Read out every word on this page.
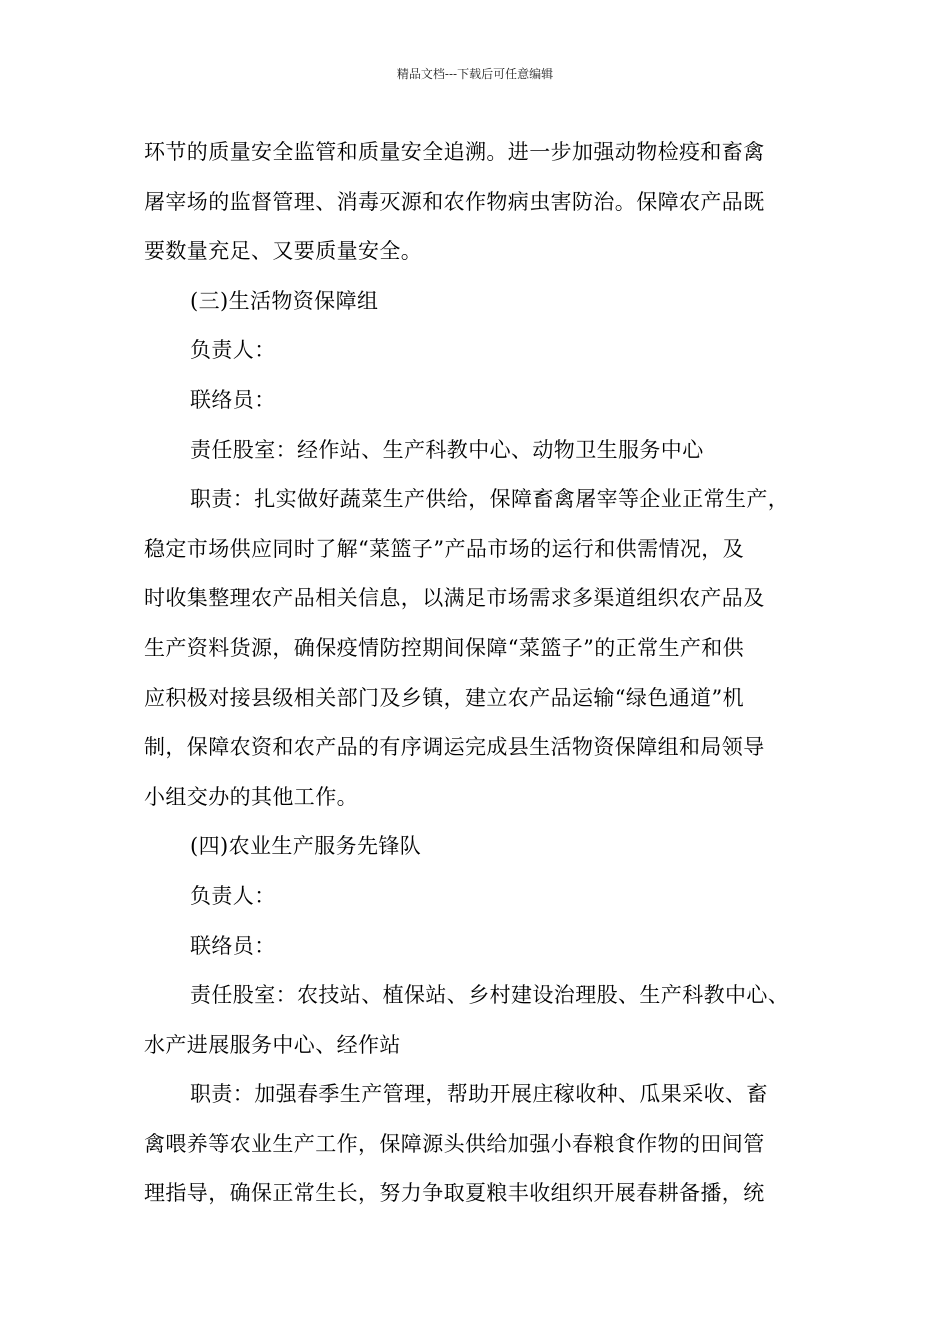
精品文档---下载后可任意编辑
环节的质量安全监管和质量安全追溯。进一步加强动物检疫和畜禽
屠宰场的监督管理、消毒灭源和农作物病虫害防治。保障农产品既
要数量充足、又要质量安全。
(三)生活物资保障组
负责人：
联络员：
责任股室：经作站、生产科教中心、动物卫生服务中心
职责：扎实做好蔬菜生产供给，保障畜禽屠宰等企业正常生产，
稳定市场供应同时了解“菜篮子”产品市场的运行和供需情况，及
时收集整理农产品相关信息，以满足市场需求多渠道组织农产品及
生产资料货源，确保疫情防控期间保障“菜篮子”的正常生产和供
应积极对接县级相关部门及乡镇，建立农产品运输“绿色通道”机
制，保障农资和农产品的有序调运完成县生活物资保障组和局领导
小组交办的其他工作。
(四)农业生产服务先锋队
负责人：
联络员：
责任股室：农技站、植保站、乡村建设治理股、生产科教中心、
水产进展服务中心、经作站
职责：加强春季生产管理，帮助开展庄稼收种、瓜果采收、畜
禽喂养等农业生产工作，保障源头供给加强小春粮食作物的田间管
理指导，确保正常生长，努力争取夏粮丰收组织开展春耕备播，统
